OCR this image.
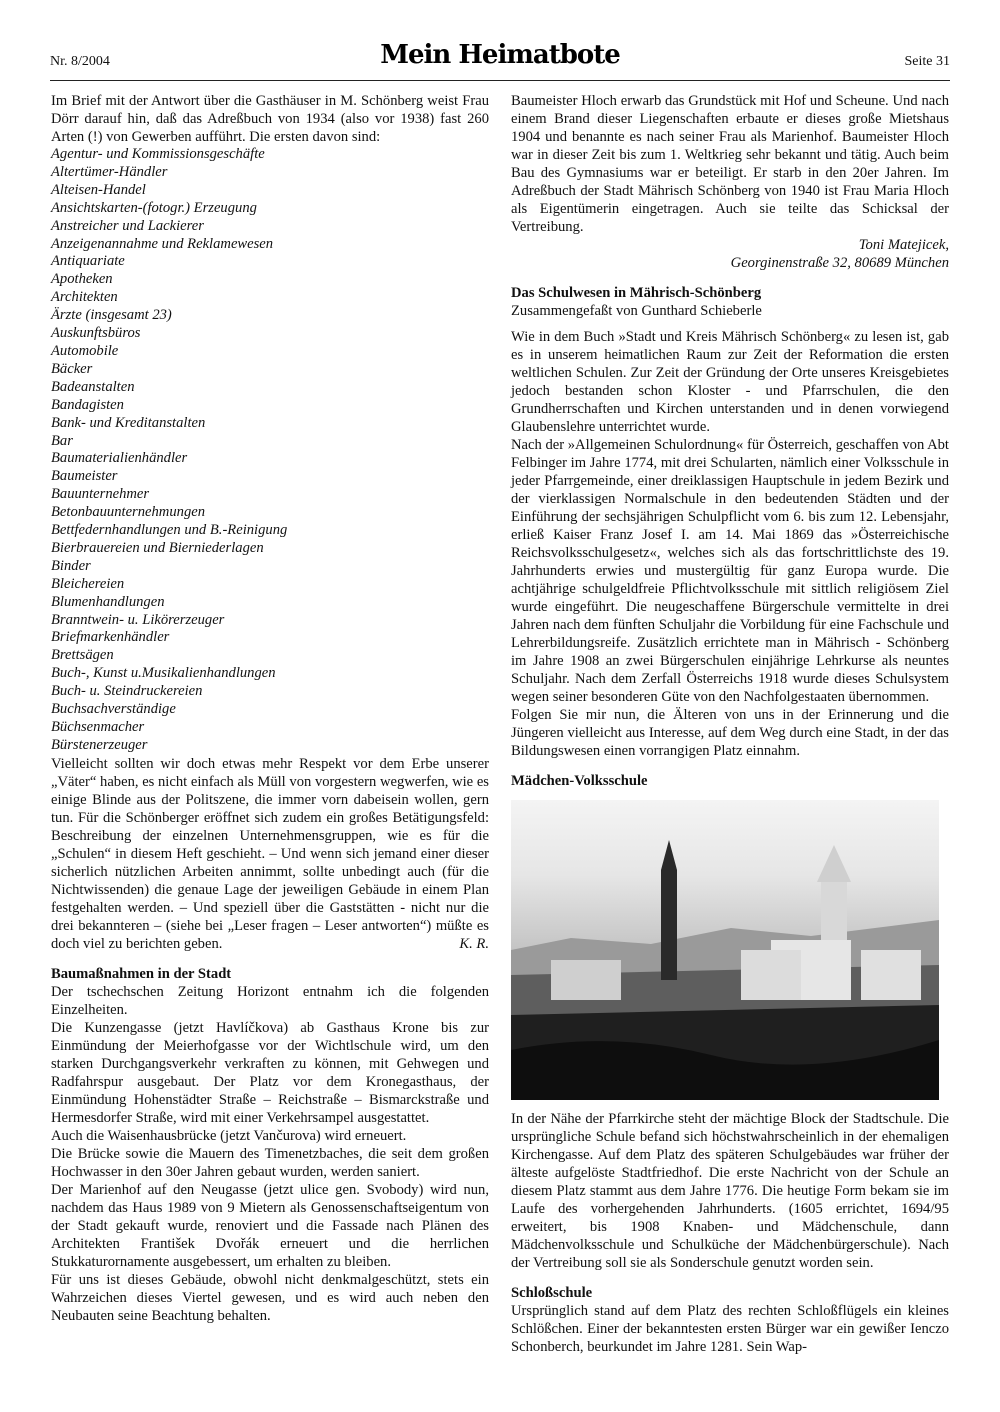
Nr. 8/2004	Mein Heimatbote	Seite 31

Im Brief mit der Antwort über die Gasthäuser in M. Schönberg weist Frau Dörr darauf hin, daß das Adreßbuch von 1934 (also vor 1938) fast 260 Arten (!) von Gewerben aufführt. Die ersten davon sind:

Agentur- und Kommissionsgeschäfte
Altertümer-Händler
Alteisen-Handel
Ansichtskarten-(fotogr.) Erzeugung
Anstreicher und Lackierer
Anzeigenannahme und Reklamewesen
Antiquariate
Apotheken
Architekten
Ärzte (insgesamt 23)
Auskunftsbüros
Automobile
Bäcker
Badeanstalten
Bandagisten
Bank- und Kreditanstalten
Bar
Baumaterialienhändler
Baumeister
Bauunternehmer
Betonbauunternehmungen
Bettfedernhandlungen und B.-Reinigung
Bierbrauereien und Bierniederlagen
Binder
Bleichereien
Blumenhandlungen
Branntwein- u. Likörerzeuger
Briefmarkenhändler
Brettsägen
Buch-, Kunst u.Musikalienhandlungen
Buch- u. Steindruckereien
Buchsachverständige
Büchsenmacher
Bürstenerzeuger

Vielleicht sollten wir doch etwas mehr Respekt vor dem Erbe unserer „Väter“ haben, es nicht einfach als Müll von vorgestern wegwerfen, wie es einige Blinde aus der Politszene, die immer vorn dabeisein wollen, gern tun. Für die Schönberger eröffnet sich zudem ein großes Betätigungsfeld: Beschreibung der einzelnen Unternehmensgruppen, wie es für die „Schulen“ in diesem Heft geschieht. – Und wenn sich jemand einer dieser sicherlich nützlichen Arbeiten annimmt, sollte unbedingt auch (für die Nichtwissenden) die genaue Lage der jeweiligen Gebäude in einem Plan festgehalten werden. – Und speziell über die Gaststätten - nicht nur die drei bekannteren – (siehe bei „Leser fragen – Leser antworten“) müßte es doch viel zu berichten geben.	K. R.
Baumaßnahmen in der Stadt

Der tschechschen Zeitung Horizont entnahm ich die folgenden Einzelheiten.

Die Kunzengasse (jetzt Havlíčkova) ab Gasthaus Krone bis zur Einmündung der Meierhofgasse vor der Wichtlschule wird, um den starken Durchgangsverkehr verkraften zu können, mit Gehwegen und Radfahrspur ausgebaut. Der Platz vor dem Kronegasthaus, der Einmündung Hohenstädter Straße – Reichstraße – Bismarckstraße und Hermesdorfer Straße, wird mit einer Verkehrsampel ausgestattet.

Auch die Waisenhausbrücke (jetzt Vančurova) wird erneuert.

Die Brücke sowie die Mauern des Timenetzbaches, die seit dem großen Hochwasser in den 30er Jahren gebaut wurden, werden saniert.

Der Marienhof auf den Neugasse (jetzt ulice gen. Svobody) wird nun, nachdem das Haus 1989 von 9 Mietern als Genossenschaftseigentum von der Stadt gekauft wurde, renoviert und die Fassade nach Plänen des Architekten František Dvořák erneuert und die herrlichen Stukkaturornamente ausgebessert, um erhalten zu bleiben.

Für uns ist dieses Gebäude, obwohl nicht denkmalgeschützt, stets ein Wahrzeichen dieses Viertel gewesen, und es wird auch neben den Neubauten seine Beachtung behalten.

Baumeister Hloch erwarb das Grundstück mit Hof und Scheune. Und nach einem Brand dieser Liegenschaften erbaute er dieses große Mietshaus 1904 und benannte es nach seiner Frau als Marienhof. Baumeister Hloch war in dieser Zeit bis zum 1. Weltkrieg sehr bekannt und tätig. Auch beim Bau des Gymnasiums war er beteiligt. Er starb in den 20er Jahren. Im Adreßbuch der Stadt Mährisch Schönberg von 1940 ist Frau Maria Hloch als Eigentümerin eingetragen. Auch sie teilte das Schicksal der Vertreibung.

Toni Matejicek,
Georginenstraße 32, 80689 München
Das Schulwesen in Mährisch-Schönberg
Zusammengefaßt von Gunthard Schieberle

Wie in dem Buch »Stadt und Kreis Mährisch Schönberg« zu lesen ist, gab es in unserem heimatlichen Raum zur Zeit der Reformation die ersten weltlichen Schulen. Zur Zeit der Gründung der Orte unseres Kreisgebietes jedoch bestanden schon Kloster - und Pfarrschulen, die den Grundherrschaften und Kirchen unterstanden und in denen vorwiegend Glaubenslehre unterrichtet wurde.

Nach der »Allgemeinen Schulordnung« für Österreich, geschaffen von Abt Felbinger im Jahre 1774, mit drei Schularten, nämlich einer Volksschule in jeder Pfarrgemeinde, einer dreiklassigen Hauptschule in jedem Bezirk und der vierklassigen Normalschule in den bedeutenden Städten und der Einführung der sechsjährigen Schulpflicht vom 6. bis zum 12. Lebensjahr, erließ Kaiser Franz Josef I. am 14. Mai 1869 das »Österreichische Reichsvolksschulgesetz«, welches sich als das fortschrittlichste des 19. Jahrhunderts erwies und mustergültig für ganz Europa wurde. Die achtjährige schulgeldfreie Pflichtvolksschule mit sittlich religiösem Ziel wurde eingeführt. Die neugeschaffene Bürgerschule vermittelte in drei Jahren nach dem fünften Schuljahr die Vorbildung für eine Fachschule und Lehrerbildungsreife. Zusätzlich errichtete man in Mährisch - Schönberg im Jahre 1908 an zwei Bürgerschulen einjährige Lehrkurse als neuntes Schuljahr. Nach dem Zerfall Österreichs 1918 wurde dieses Schulsystem wegen seiner besonderen Güte von den Nachfolgestaaten übernommen.

Folgen Sie mir nun, die Älteren von uns in der Erinnerung und die Jüngeren vielleicht aus Interesse, auf dem Weg durch eine Stadt, in der das Bildungswesen einen vorrangigen Platz einnahm.

Mädchen-Volksschule

In der Nähe der Pfarrkirche steht der mächtige Block der Stadtschule. Die ursprüngliche Schule befand sich höchstwahrscheinlich in der ehemaligen Kirchengasse. Auf dem Platz des späteren Schulgebäudes war früher der älteste aufgelöste Stadtfriedhof. Die erste Nachricht von der Schule an diesem Platz stammt aus dem Jahre 1776. Die heutige Form bekam sie im Laufe des vorhergehenden Jahrhunderts. (1605 errichtet, 1694/95 erweitert, bis 1908 Knaben- und Mädchenschule, dann Mädchenvolksschule und Schulküche der Mädchenbürgerschule). Nach der Vertreibung soll sie als Sonderschule genutzt worden sein.

Schloßschule

Ursprünglich stand auf dem Platz des rechten Schloßflügels ein kleines Schlößchen. Einer der bekanntesten ersten Bürger war ein gewißer Ienczo Schonberch, beurkundet im Jahre 1281. Sein Wap-
